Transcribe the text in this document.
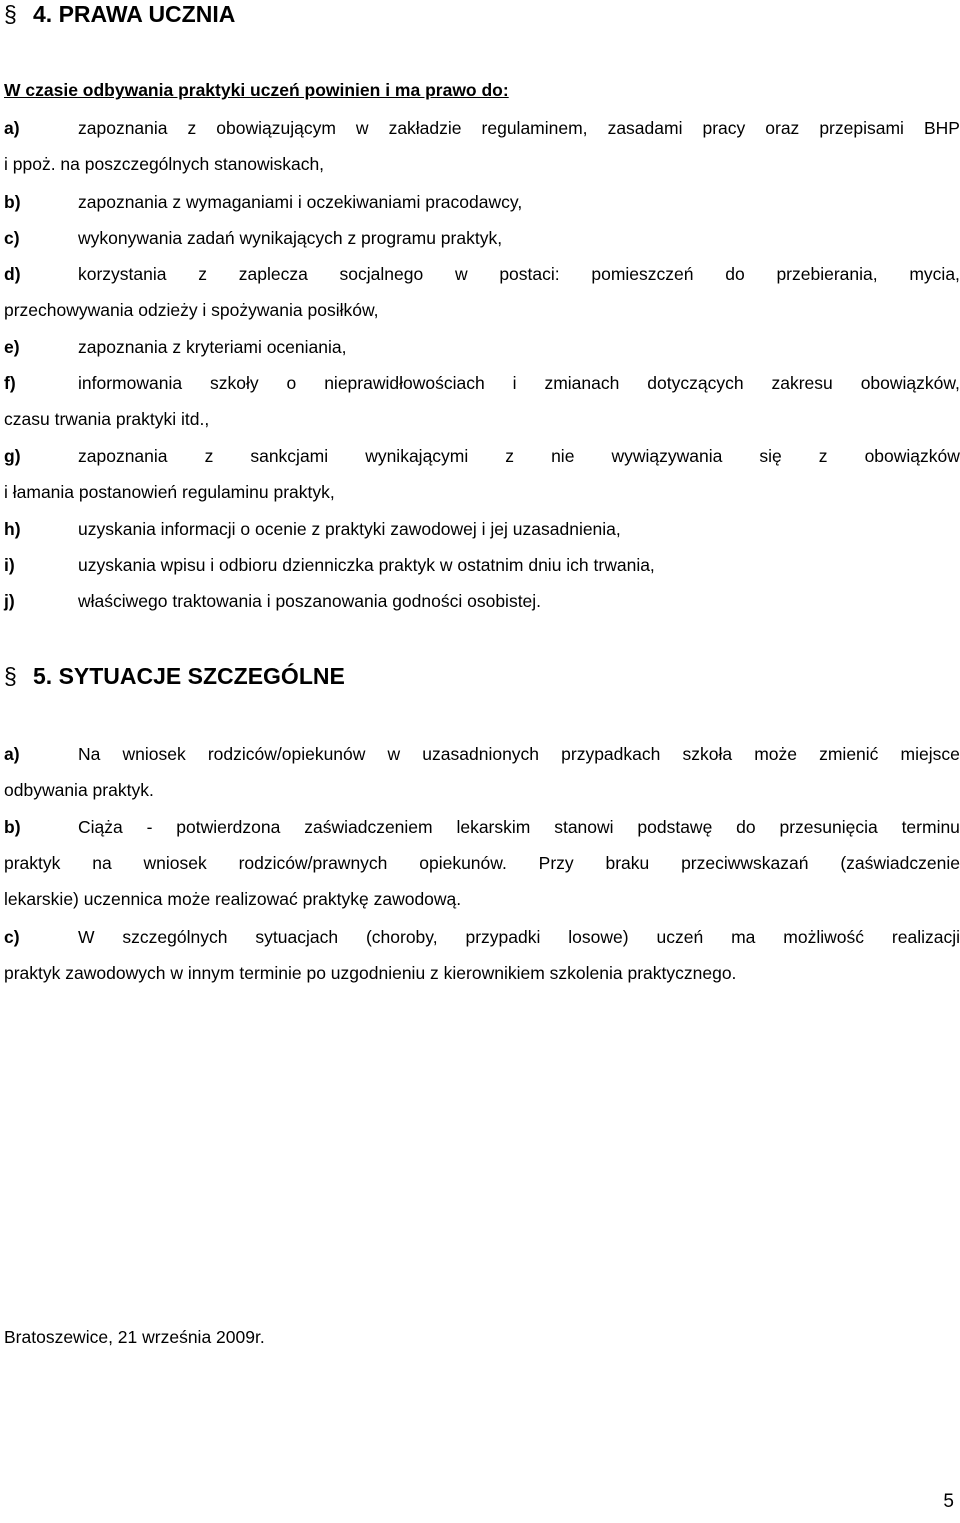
§ 4. PRAWA UCZNIA
W czasie odbywania praktyki uczeń powinien i ma prawo do:
a)	zapoznania z obowiązującym w zakładzie regulaminem, zasadami pracy oraz przepisami BHP
i ppoż. na poszczególnych stanowiskach,
b)	zapoznania z wymaganiami i oczekiwaniami pracodawcy,
c)	wykonywania zadań wynikających z programu praktyk,
d)	korzystania z zaplecza socjalnego w postaci: pomieszczeń do przebierania, mycia,
przechowywania odzieży i spożywania posiłków,
e)	zapoznania z kryteriami oceniania,
f)	informowania szkoły o nieprawidłowościach i zmianach dotyczących zakresu obowiązków,
czasu trwania praktyki itd.,
g)	zapoznania z sankcjami wynikającymi z nie wywiązywania się z obowiązków
i łamania postanowień regulaminu praktyk,
h)	uzyskania informacji o ocenie z praktyki zawodowej i jej uzasadnienia,
i)	uzyskania wpisu i odbioru dzienniczka praktyk w ostatnim dniu ich trwania,
j)	właściwego traktowania i poszanowania godności osobistej.
§ 5. SYTUACJE SZCZEGÓLNE
a)	Na wniosek rodziców/opiekunów w uzasadnionych przypadkach szkoła może zmienić miejsce
odbywania praktyk.
b)	Ciąża - potwierdzona zaświadczeniem lekarskim stanowi podstawę do przesunięcia terminu
praktyk na wniosek rodziców/prawnych opiekunów. Przy braku przeciwwskazań (zaświadczenie
lekarskie) uczennica może realizować praktykę zawodową.
c)	W szczególnych sytuacjach (choroby, przypadki losowe) uczeń ma możliwość realizacji
praktyk zawodowych w innym terminie po uzgodnieniu z kierownikiem szkolenia praktycznego.
Bratoszewice, 21 września 2009r.
5
